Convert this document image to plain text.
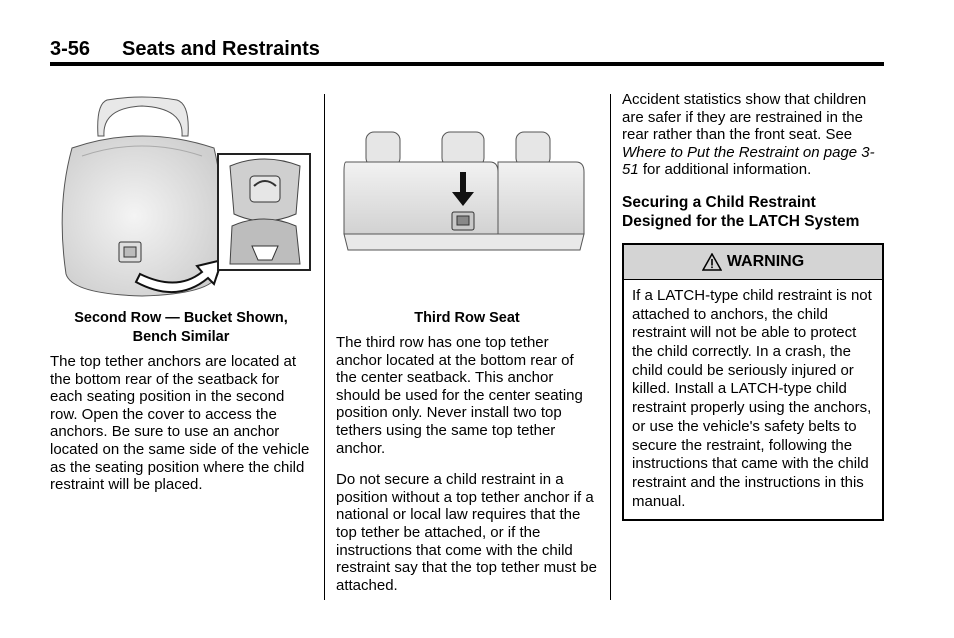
3-56 Seats and Restraints
Second Row — Bucket Shown,
Bench Similar

The top tether anchors are located at the bottom rear of the seatback for each seating position in the second row. Open the cover to access the anchors. Be sure to use an anchor located on the same side of the vehicle as the seating position where the child restraint will be placed.

Third Row Seat

The third row has one top tether anchor located at the bottom rear of the center seatback. This anchor should be used for the center seating position only. Never install two top tethers using the same top tether anchor.

Do not secure a child restraint in a position without a top tether anchor if a national or local law requires that the top tether be attached, or if the instructions that come with the child restraint say that the top tether must be attached.

Accident statistics show that children are safer if they are restrained in the rear rather than the front seat. See Where to Put the Restraint on page 3-51 for additional information.

Securing a Child Restraint Designed for the LATCH System
WARNING
If a LATCH-type child restraint is not attached to anchors, the child restraint will not be able to protect the child correctly. In a crash, the child could be seriously injured or killed. Install a LATCH-type child restraint properly using the anchors, or use the vehicle's safety belts to secure the restraint, following the instructions that came with the child restraint and the instructions in this manual.
